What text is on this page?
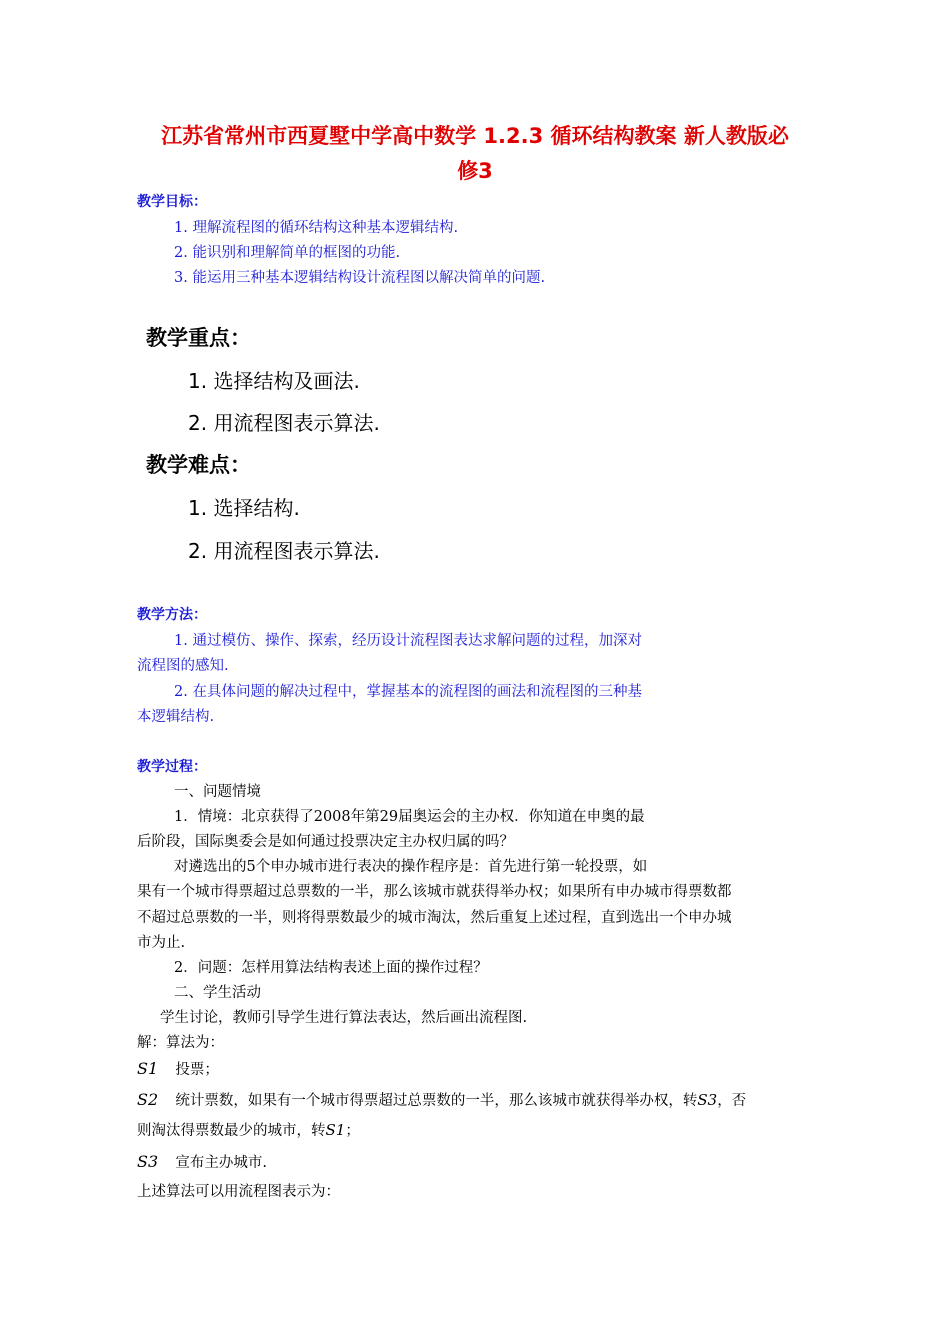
江苏省常州市西夏墅中学高中数学 1.2.3 循环结构教案 新人教版必
修3
教学目标：
1. 理解流程图的循环结构这种基本逻辑结构.
2. 能识别和理解简单的框图的功能.
3. 能运用三种基本逻辑结构设计流程图以解决简单的问题.
教学重点：
1. 选择结构及画法.
2. 用流程图表示算法.
教学难点：
1. 选择结构.
2. 用流程图表示算法.
教学方法：
1. 通过模仿、操作、探索，经历设计流程图表达求解问题的过程，加深对
流程图的感知.
2. 在具体问题的解决过程中，掌握基本的流程图的画法和流程图的三种基
本逻辑结构.
教学过程：
一、问题情境
1．情境：北京获得了2008年第29届奥运会的主办权．你知道在申奥的最
后阶段，国际奥委会是如何通过投票决定主办权归属的吗？
对遴选出的5个申办城市进行表决的操作程序是：首先进行第一轮投票，如
果有一个城市得票超过总票数的一半，那么该城市就获得举办权；如果所有申办城市得票数都
不超过总票数的一半，则将得票数最少的城市淘汰，然后重复上述过程，直到选出一个申办城
市为止.
2．问题：怎样用算法结构表述上面的操作过程？
二、学生活动
学生讨论，教师引导学生进行算法表达，然后画出流程图.
解：算法为：
S1 投票；
S2 统计票数，如果有一个城市得票超过总票数的一半，那么该城市就获得举办权，转S3，否
则淘汰得票数最少的城市，转S1；
S3 宣布主办城市.
上述算法可以用流程图表示为：
